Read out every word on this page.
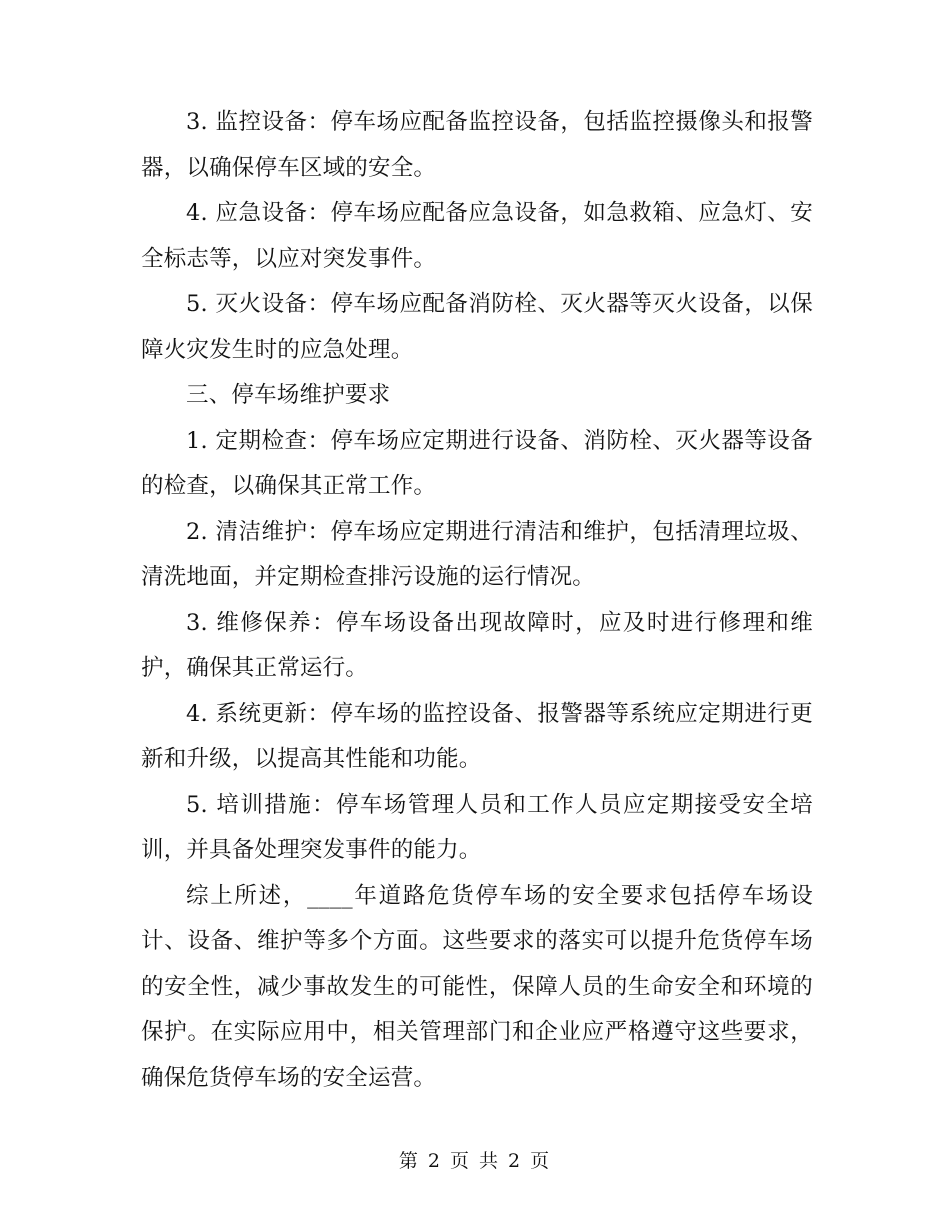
3. 监控设备：停车场应配备监控设备，包括监控摄像头和报警器，以确保停车区域的安全。

4. 应急设备：停车场应配备应急设备，如急救箱、应急灯、安全标志等，以应对突发事件。

5. 灭火设备：停车场应配备消防栓、灭火器等灭火设备，以保障火灾发生时的应急处理。

三、停车场维护要求

1. 定期检查：停车场应定期进行设备、消防栓、灭火器等设备的检查，以确保其正常工作。

2. 清洁维护：停车场应定期进行清洁和维护，包括清理垃圾、清洗地面，并定期检查排污设施的运行情况。

3. 维修保养：停车场设备出现故障时，应及时进行修理和维护，确保其正常运行。

4. 系统更新：停车场的监控设备、报警器等系统应定期进行更新和升级，以提高其性能和功能。

5. 培训措施：停车场管理人员和工作人员应定期接受安全培训，并具备处理突发事件的能力。

综上所述，____年道路危货停车场的安全要求包括停车场设计、设备、维护等多个方面。这些要求的落实可以提升危货停车场的安全性，减少事故发生的可能性，保障人员的生命安全和环境的保护。在实际应用中，相关管理部门和企业应严格遵守这些要求，确保危货停车场的安全运营。

第 2 页 共 2 页
